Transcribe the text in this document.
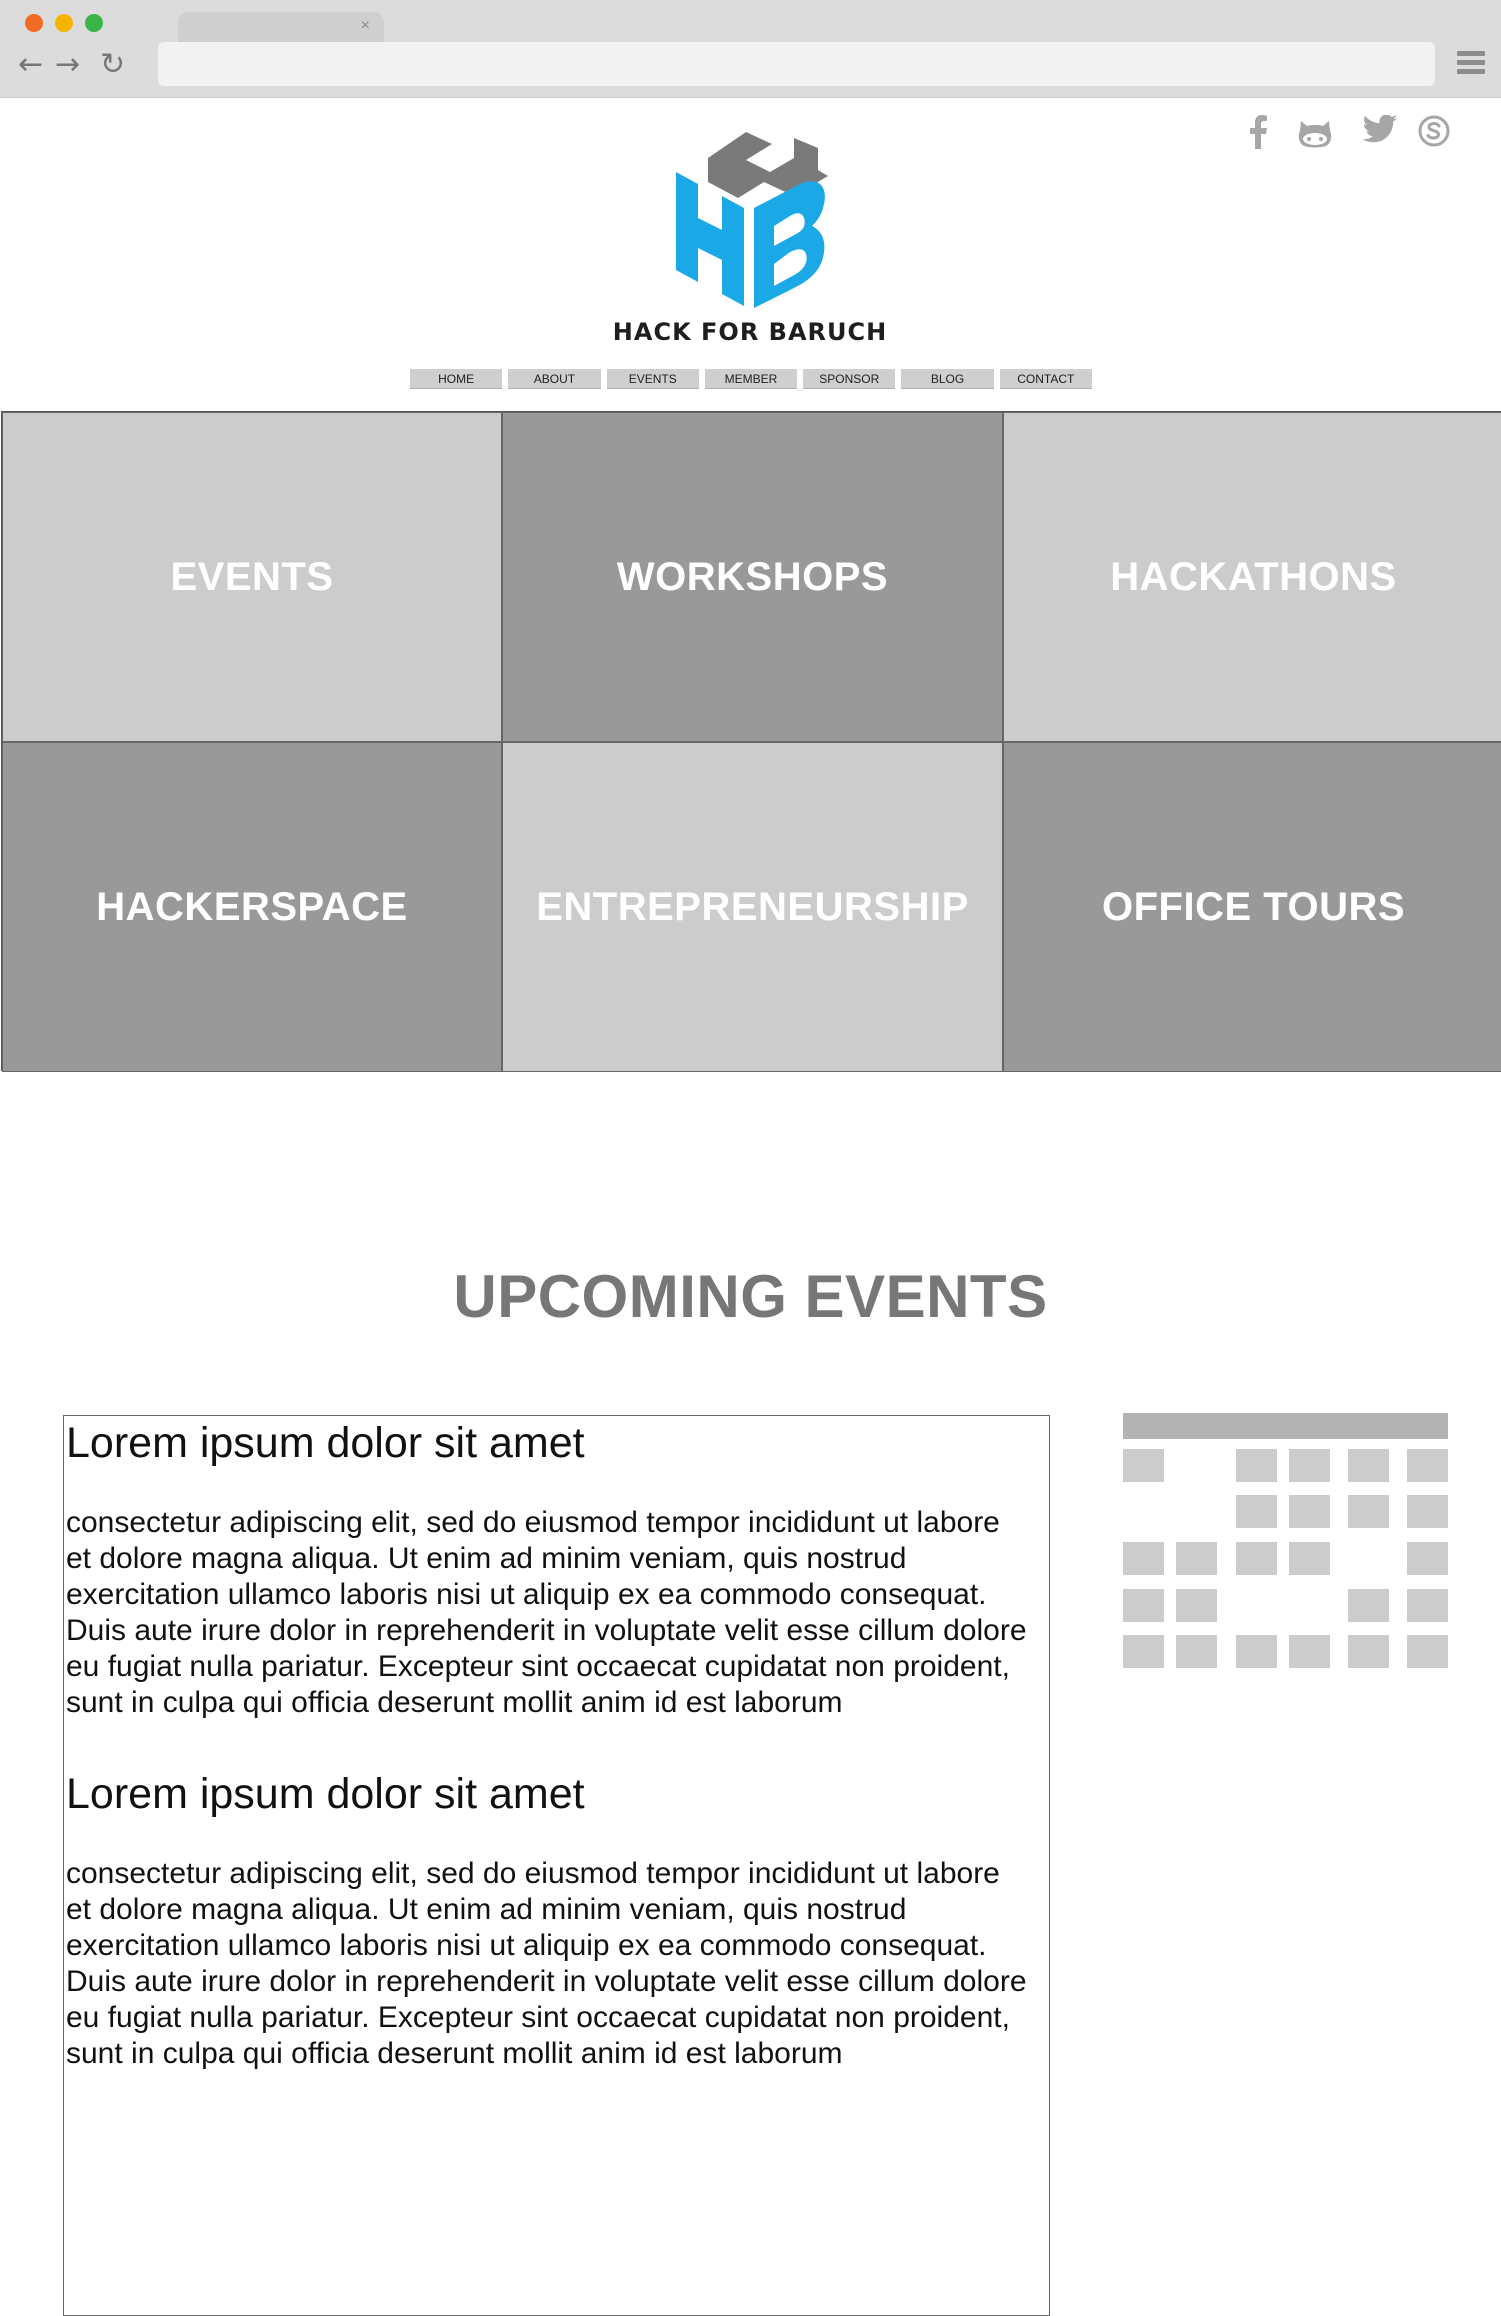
×
← → ↻
HACK FOR BARUCH
HOME	ABOUT	EVENTS	MEMBER	SPONSOR	BLOG	CONTACT
EVENTS	WORKSHOPS	HACKATHONS
HACKERSPACE	ENTREPRENEURSHIP	OFFICE TOURS
UPCOMING EVENTS

Lorem ipsum dolor sit amet

consectetur adipiscing elit, sed do eiusmod tempor incididunt ut labore et dolore magna aliqua. Ut enim ad minim veniam, quis nostrud exercitation ullamco laboris nisi ut aliquip ex ea commodo consequat. Duis aute irure dolor in reprehenderit in voluptate velit esse cillum dolore eu fugiat nulla pariatur. Excepteur sint occaecat cupidatat non proident, sunt in culpa qui officia deserunt mollit anim id est laborum

Lorem ipsum dolor sit amet

consectetur adipiscing elit, sed do eiusmod tempor incididunt ut labore et dolore magna aliqua. Ut enim ad minim veniam, quis nostrud exercitation ullamco laboris nisi ut aliquip ex ea commodo consequat. Duis aute irure dolor in reprehenderit in voluptate velit esse cillum dolore eu fugiat nulla pariatur. Excepteur sint occaecat cupidatat non proident, sunt in culpa qui officia deserunt mollit anim id est laborum
